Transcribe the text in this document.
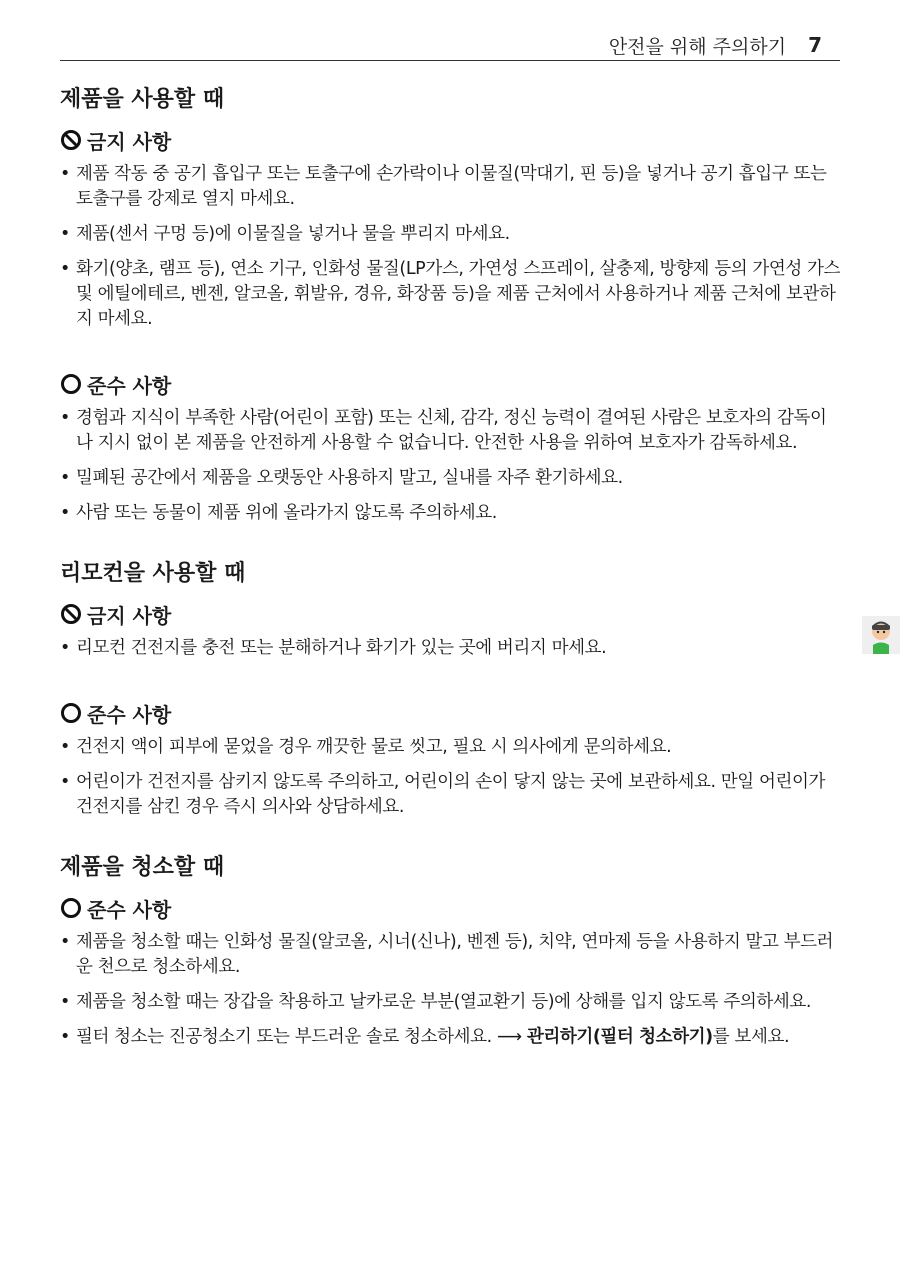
안전을 위해 주의하기 7
제품을 사용할 때
금지 사항
• 제품 작동 중 공기 흡입구 또는 토출구에 손가락이나 이물질(막대기, 핀 등)을 넣거나 공기 흡입구 또는 토출구를 강제로 열지 마세요.
• 제품(센서 구멍 등)에 이물질을 넣거나 물을 뿌리지 마세요.
• 화기(양초, 램프 등), 연소 기구, 인화성 물질(LP가스, 가연성 스프레이, 살충제, 방향제 등의 가연성 가스 및 에틸에테르, 벤젠, 알코올, 휘발유, 경유, 화장품 등)을 제품 근처에서 사용하거나 제품 근처에 보관하지 마세요.
준수 사항
• 경험과 지식이 부족한 사람(어린이 포함) 또는 신체, 감각, 정신 능력이 결여된 사람은 보호자의 감독이나 지시 없이 본 제품을 안전하게 사용할 수 없습니다. 안전한 사용을 위하여 보호자가 감독하세요.
• 밀폐된 공간에서 제품을 오랫동안 사용하지 말고, 실내를 자주 환기하세요.
• 사람 또는 동물이 제품 위에 올라가지 않도록 주의하세요.
리모컨을 사용할 때
금지 사항
• 리모컨 건전지를 충전 또는 분해하거나 화기가 있는 곳에 버리지 마세요.
준수 사항
• 건전지 액이 피부에 묻었을 경우 깨끗한 물로 씻고, 필요 시 의사에게 문의하세요.
• 어린이가 건전지를 삼키지 않도록 주의하고, 어린이의 손이 닿지 않는 곳에 보관하세요. 만일 어린이가 건전지를 삼킨 경우 즉시 의사와 상담하세요.
제품을 청소할 때
준수 사항
• 제품을 청소할 때는 인화성 물질(알코올, 시너(신나), 벤젠 등), 치약, 연마제 등을 사용하지 말고 부드러운 천으로 청소하세요.
• 제품을 청소할 때는 장갑을 착용하고 날카로운 부분(열교환기 등)에 상해를 입지 않도록 주의하세요.
• 필터 청소는 진공청소기 또는 부드러운 솔로 청소하세요. ⟶ 관리하기(필터 청소하기)를 보세요.
